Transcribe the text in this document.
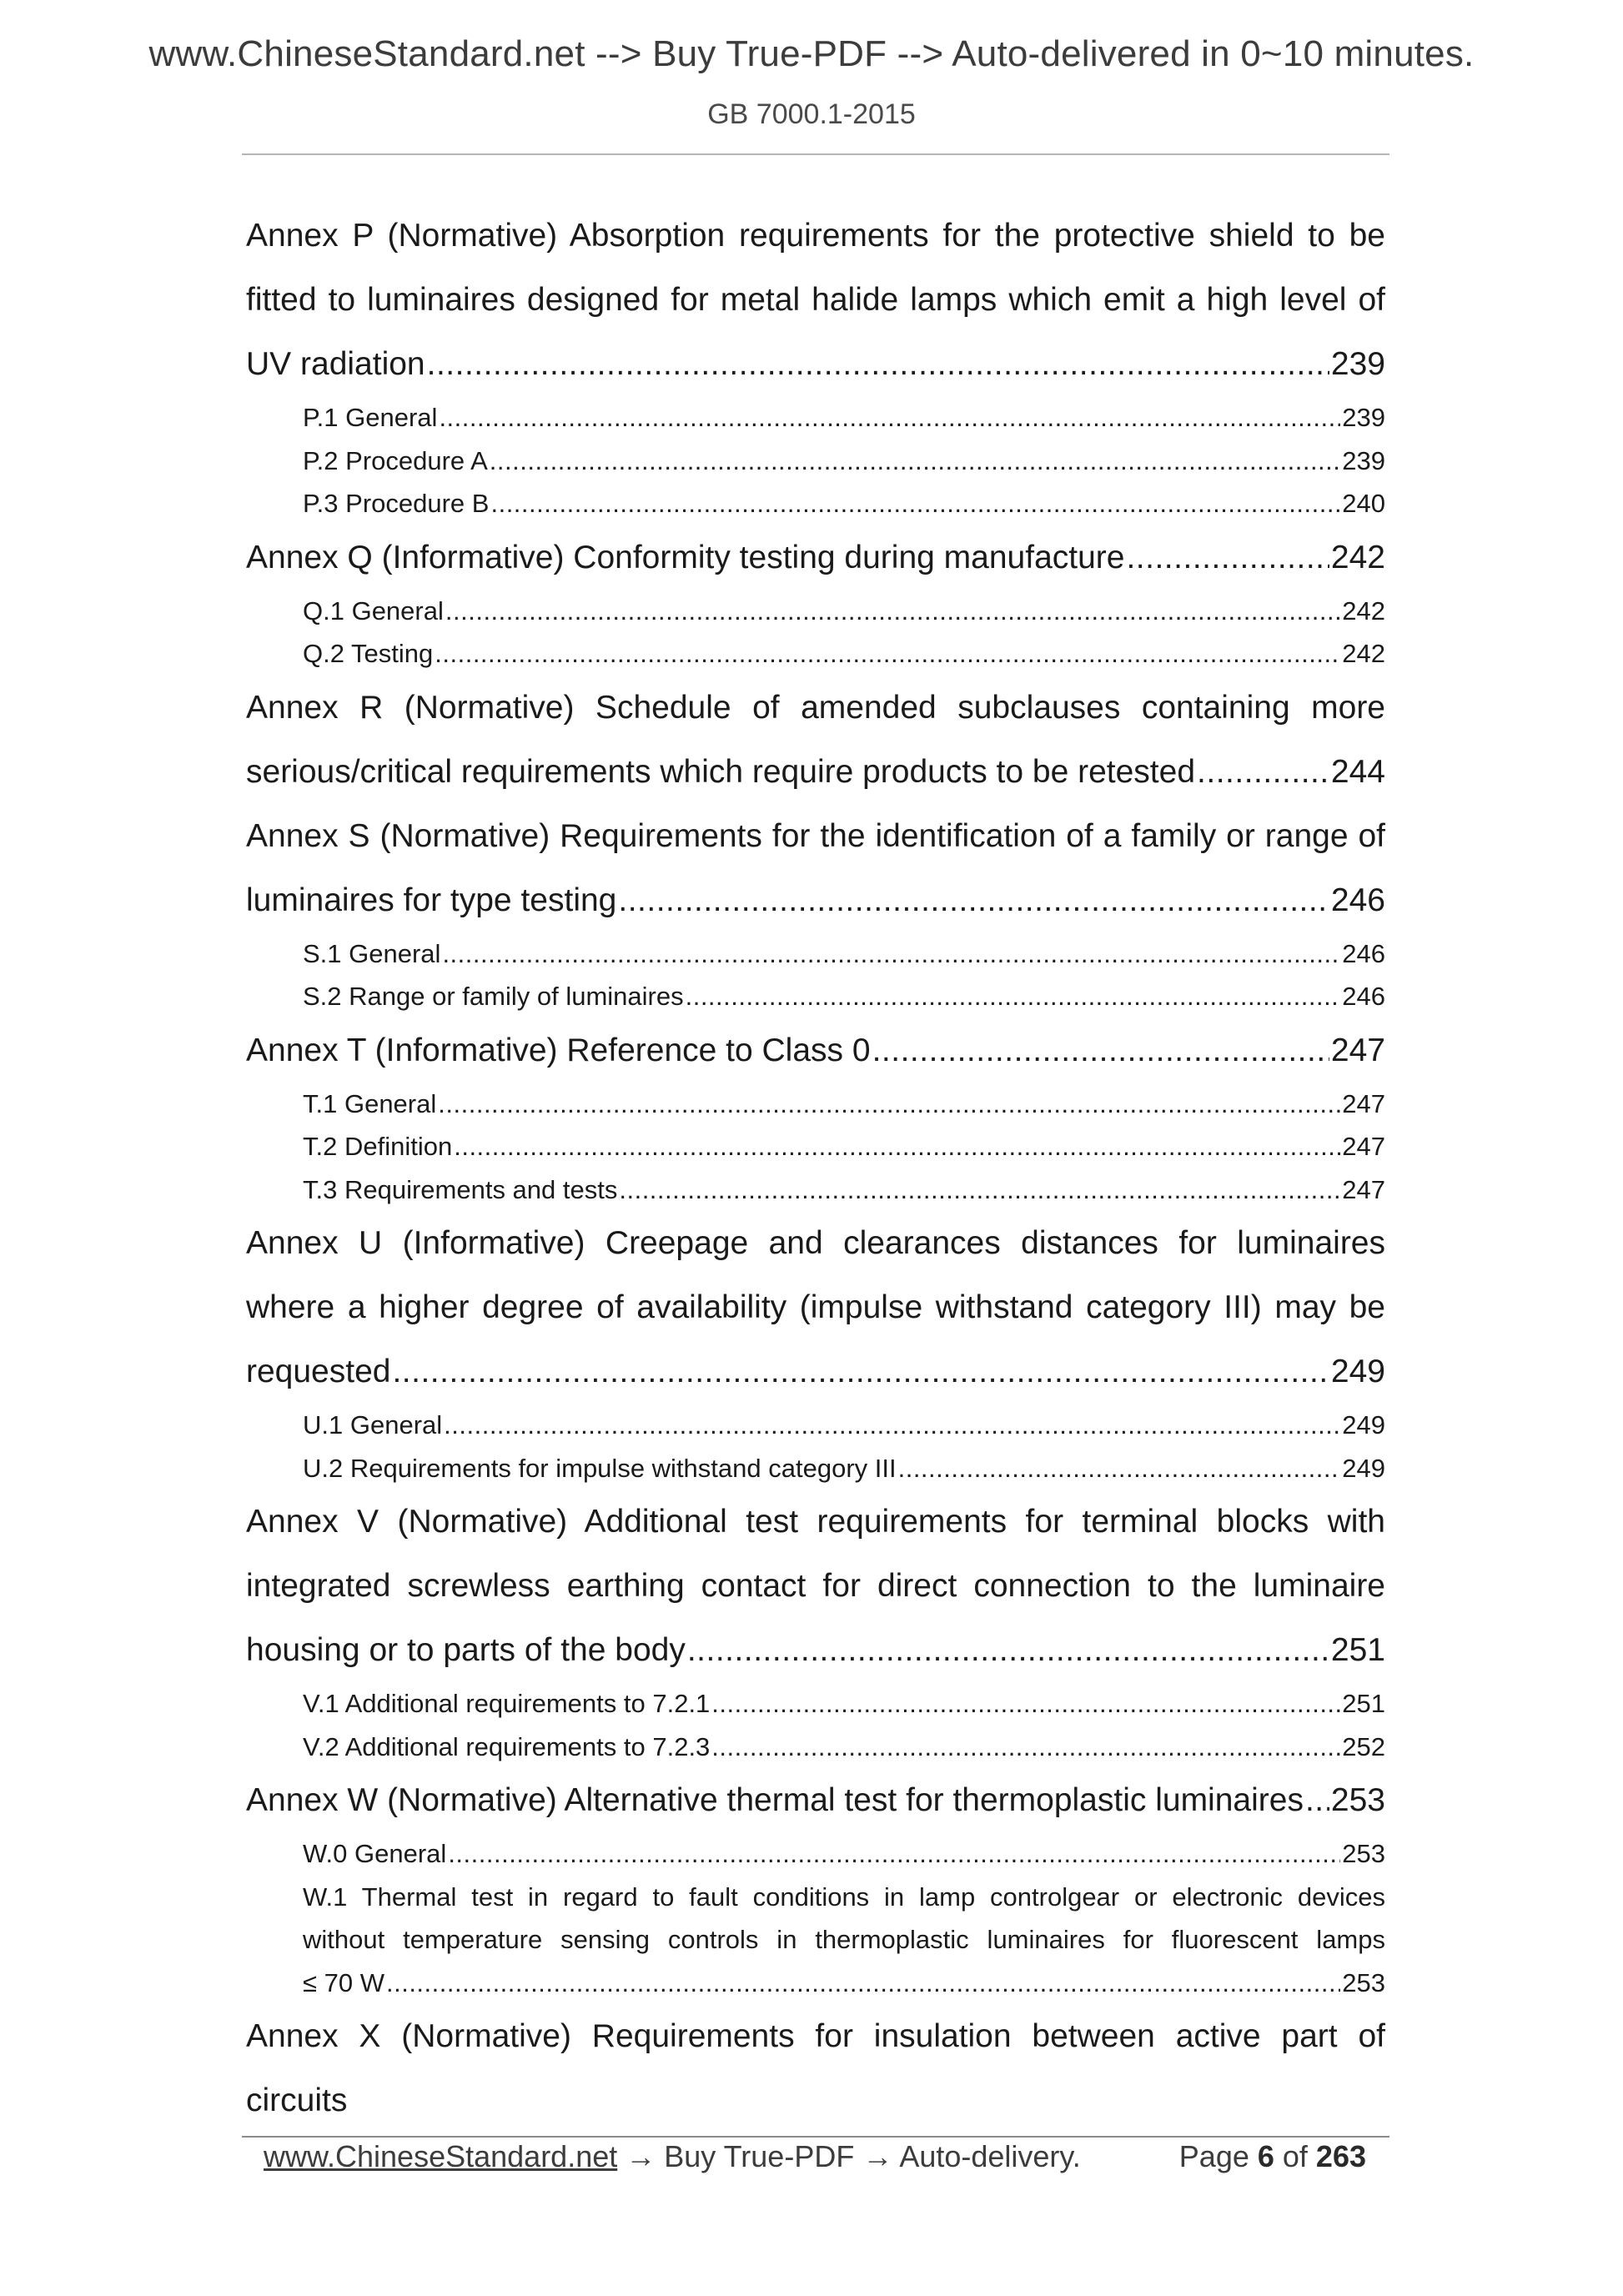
www.ChineseStandard.net --> Buy True-PDF --> Auto-delivered in 0~10 minutes.
GB 7000.1-2015
Annex P (Normative) Absorption requirements for the protective shield to be
fitted to luminaires designed for metal halide lamps which emit a high level of
UV radiation .....	239
P.1 General .....	239
P.2 Procedure A .....	239
P.3 Procedure B .....	240
Annex Q (Informative) Conformity testing during manufacture .....	242
Q.1 General .....	242
Q.2 Testing .....	242
Annex R (Normative) Schedule of amended subclauses containing more
serious/critical requirements which require products to be retested .....	244
Annex S (Normative) Requirements for the identification of a family or range of
luminaires for type testing .....	246
S.1 General .....	246
S.2 Range or family of luminaires .....	246
Annex T (Informative) Reference to Class 0 .....	247
T.1 General .....	247
T.2 Definition .....	247
T.3 Requirements and tests .....	247
Annex U (Informative) Creepage and clearances distances for luminaires
where a higher degree of availability (impulse withstand category III) may be
requested .....	249
U.1 General .....	249
U.2 Requirements for impulse withstand category III .....	249
Annex V (Normative) Additional test requirements for terminal blocks with
integrated screwless earthing contact for direct connection to the luminaire
housing or to parts of the body .....	251
V.1 Additional requirements to 7.2.1 .....	251
V.2 Additional requirements to 7.2.3 .....	252
Annex W (Normative) Alternative thermal test for thermoplastic luminaires ..... 253
W.0 General .....	253
W.1 Thermal test in regard to fault conditions in lamp controlgear or electronic devices
without temperature sensing controls in thermoplastic luminaires for fluorescent lamps
≤ 70 W .....	253
Annex X (Normative) Requirements for insulation between active part of circuits
www.ChineseStandard.net → Buy True-PDF → Auto-delivery.	Page 6 of 263
